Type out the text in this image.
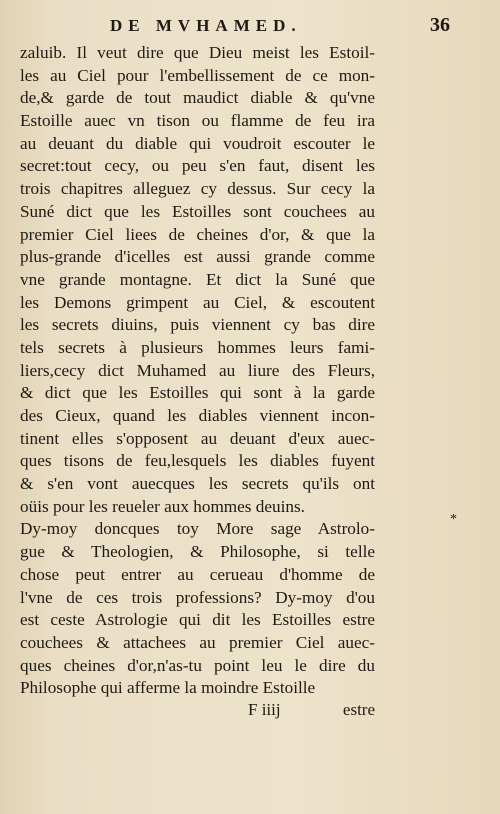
DE MVHAMED.	36
zaluib. Il veut dire que Dieu meist les Estoil-
les au Ciel pour l'embellissement de ce mon-
de,& garde de tout maudict diable & qu'vne
Estoille auec vn tison ou flamme de feu ira
au deuant du diable qui voudroit escouter le
secret:tout cecy, ou peu s'en faut, disent les
trois chapitres alleguez cy dessus. Sur cecy la
Suné dict que les Estoilles sont couchees au
premier Ciel liees de cheines d'or, & que la
plus-grande d'icelles est aussi grande comme
vne grande montagne. Et dict la Suné que
les Demons grimpent au Ciel, & escoutent
les secrets diuins, puis viennent cy bas dire
tels secrets à plusieurs hommes leurs fami-
liers,cecy dict Muhamed au liure des Fleurs,
& dict que les Estoilles qui sont à la garde
des Cieux, quand les diables viennent incon-
tinent elles s'opposent au deuant d'eux auec-
ques tisons de feu,lesquels les diables fuyent
& s'en vont auecques les secrets qu'ils ont
oüis pour les reueler aux hommes deuins.
Dy-moy doncques toy More sage Astrolo-
gue & Theologien, & Philosophe, si telle
chose peut entrer au cerueau d'homme de
l'vne de ces trois professions? Dy-moy d'ou
est ceste Astrologie qui dit les Estoilles estre
couchees & attachees au premier Ciel auec-
ques cheines d'or,n'as-tu point leu le dire du
Philosophe qui afferme la moindre Estoille
*
F iiij	estre
